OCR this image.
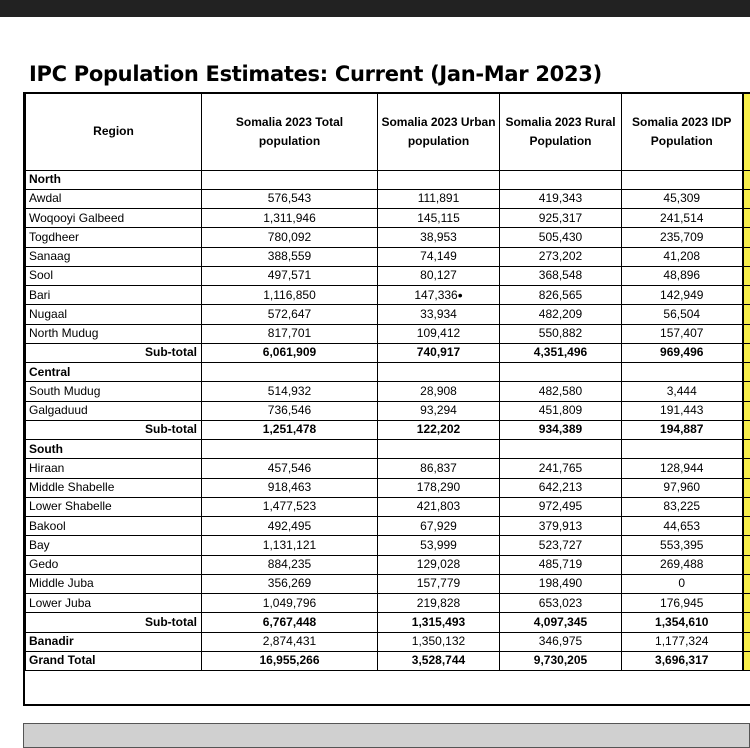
IPC Population Estimates: Current (Jan-Mar 2023)
Region	Somalia 2023 Total population	Somalia 2023 Urban population	Somalia 2023 Rural Population	Somalia 2023 IDP Population	
North					
Awdal	576,543	111,891	419,343	45,309	
Woqooyi Galbeed	1,311,946	145,115	925,317	241,514	
Togdheer	780,092	38,953	505,430	235,709	
Sanaag	388,559	74,149	273,202	41,208	
Sool	497,571	80,127	368,548	48,896	
Bari	1,116,850	147,336•	826,565	142,949	
Nugaal	572,647	33,934	482,209	56,504	
North Mudug	817,701	109,412	550,882	157,407	
Sub-total	6,061,909	740,917	4,351,496	969,496	
Central					
South Mudug	514,932	28,908	482,580	3,444	
Galgaduud	736,546	93,294	451,809	191,443	
Sub-total	1,251,478	122,202	934,389	194,887	
South					
Hiraan	457,546	86,837	241,765	128,944	
Middle Shabelle	918,463	178,290	642,213	97,960	
Lower Shabelle	1,477,523	421,803	972,495	83,225	
Bakool	492,495	67,929	379,913	44,653	
Bay	1,131,121	53,999	523,727	553,395	
Gedo	884,235	129,028	485,719	269,488	
Middle Juba	356,269	157,779	198,490	0	
Lower Juba	1,049,796	219,828	653,023	176,945	
Sub-total	6,767,448	1,315,493	4,097,345	1,354,610	
Banadir	2,874,431	1,350,132	346,975	1,177,324	
Grand Total	16,955,266	3,528,744	9,730,205	3,696,317	
